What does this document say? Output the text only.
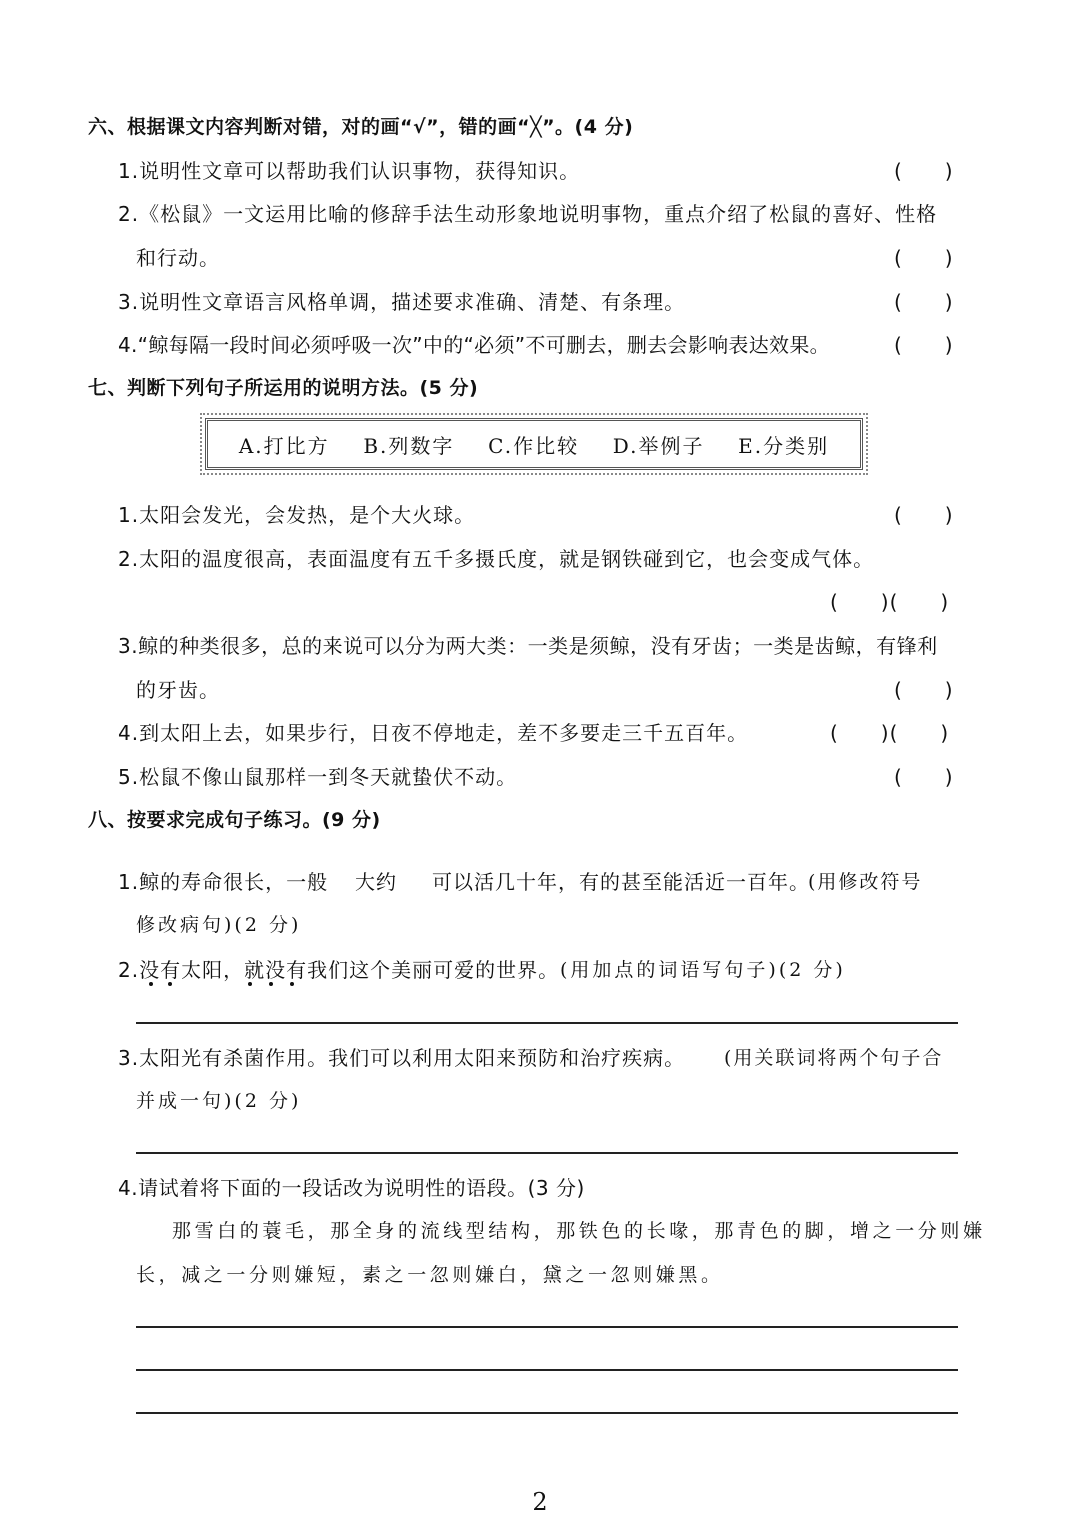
六、根据课文内容判断对错，对的画“√”，错的画“╳”。(4 分)
1.说明性文章可以帮助我们认识事物，获得知识。	(　　)
2.《松鼠》一文运用比喻的修辞手法生动形象地说明事物，重点介绍了松鼠的喜好、性格
和行动。	(　　)
3.说明性文章语言风格单调，描述要求准确、清楚、有条理。	(　　)
4.“鲸每隔一段时间必须呼吸一次”中的“必须”不可删去，删去会影响表达效果。	(　　)
七、判断下列句子所运用的说明方法。(5 分)
A.打比方 B.列数字 C.作比较 D.举例子 E.分类别
1.太阳会发光，会发热，是个大火球。	(　　)
2.太阳的温度很高，表面温度有五千多摄氏度，就是钢铁碰到它，也会变成气体。
(　　)(　　)
3.鲸的种类很多，总的来说可以分为两大类：一类是须鲸，没有牙齿；一类是齿鲸，有锋利
的牙齿。	(　　)
4.到太阳上去，如果步行，日夜不停地走，差不多要走三千五百年。	(　　)(　　)
5.松鼠不像山鼠那样一到冬天就蛰伏不动。	(　　)
八、按要求完成句子练习。(9 分)
1.鲸的寿命很长，一般 大约 可以活几十年，有的甚至能活近一百年。
(用修改符号
修改病句)(2 分)
2.没有太阳，就没有我们这个美丽可爱的世界。 (用加点的词语写句子)(2 分)
3.太阳光有杀菌作用。我们可以利用太阳来预防和治疗疾病。 (用关联词将两个句子合
并成一句)(2 分)
4.请试着将下面的一段话改为说明性的语段。(3 分)
那雪白的蓑毛，那全身的流线型结构，那铁色的长喙，那青色的脚，增之一分则嫌
长，减之一分则嫌短，素之一忽则嫌白，黛之一忽则嫌黑。
2
